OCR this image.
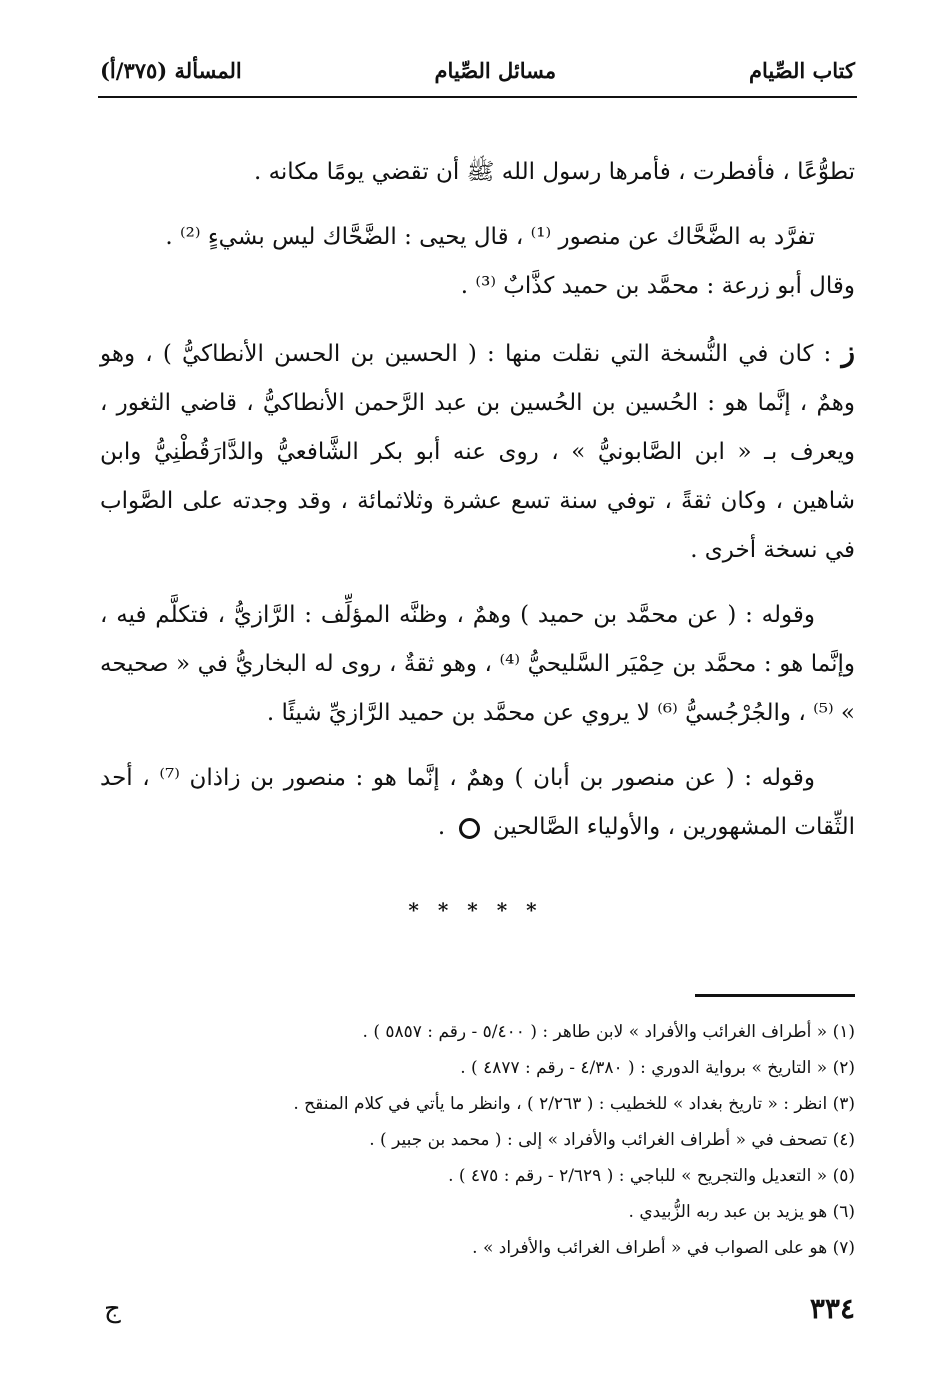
كتاب الصِّيام
مسائل الصِّيام
المسألة (٣٧٥/أ)

تطوُّعًا ، فأفطرت ، فأمرها رسول الله ﷺ أن تقضي يومًا مكانه .

تفرَّد به الضَّحَّاك عن منصور ⁽¹⁾ ، قال يحيى : الضَّحَّاك ليس بشيءٍ ⁽²⁾ .

وقال أبو زرعة : محمَّد بن حميد كذَّابٌ ⁽³⁾ .

ز : كان في النُّسخة التي نقلت منها : ( الحسين بن الحسن الأنطاكيُّ ) ، وهو وهمٌ ، إنَّما هو : الحُسين بن الحُسين بن عبد الرَّحمن الأنطاكيُّ ، قاضي الثغور ، ويعرف بـ « ابن الصَّابونيُّ » ، روى عنه أبو بكر الشَّافعيُّ والدَّارَقُطْنِيُّ وابن شاهين ، وكان ثقةً ، توفي سنة تسع عشرة وثلاثمائة ، وقد وجدته على الصَّواب في نسخة أخرى .

وقوله : ( عن محمَّد بن حميد ) وهمٌ ، وظنَّه المؤلِّف : الرَّازيُّ ، فتكلَّم فيه ، وإنَّما هو : محمَّد بن حِمْيَر السَّليحيُّ ⁽⁴⁾ ، وهو ثقةٌ ، روى له البخاريُّ في « صحيحه » ⁽⁵⁾ ، والجُرْجُسيُّ ⁽⁶⁾ لا يروي عن محمَّد بن حميد الرَّازيِّ شيئًا .

وقوله : ( عن منصور بن أبان ) وهمٌ ، إنَّما هو : منصور بن زاذان ⁽⁷⁾ ، أحد الثِّقات المشهورين ، والأولياء الصَّالحين  .

* * * * *
(١) « أطراف الغرائب والأفراد » لابن طاهر : ( ٥/٤٠٠ - رقم : ٥٨٥٧ ) .
(٢) « التاريخ » برواية الدوري : ( ٤/٣٨٠ - رقم : ٤٨٧٧ ) .
(٣) انظر : « تاريخ بغداد » للخطيب : ( ٢/٢٦٣ ) ، وانظر ما يأتي في كلام المنقح .
(٤) تصحف في « أطراف الغرائب والأفراد » إلى : ( محمد بن جبير ) .
(٥) « التعديل والتجريح » للباجي : ( ٢/٦٢٩ - رقم : ٤٧٥ ) .
(٦) هو يزيد بن عبد ربه الزُّبيدي .
(٧) هو على الصواب في « أطراف الغرائب والأفراد » .
٣٣٤
ج
